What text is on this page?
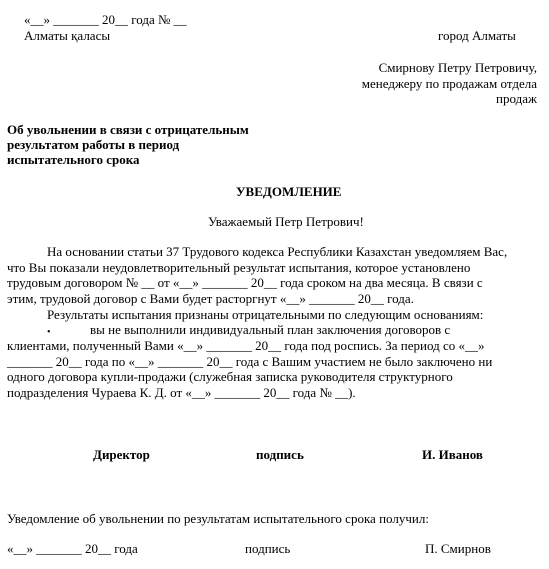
«__» _______ 20__ года № __
Алматы қаласы	город Алматы
Смирнову Петру Петровичу,
менеджеру по продажам отдела
продаж
Об увольнении в связи с отрицательным
результатом работы в период
испытательного срока
УВЕДОМЛЕНИЕ
Уважаемый Петр Петрович!
На основании статьи 37 Трудового кодекса Республики Казахстан уведомляем Вас,
что Вы показали неудовлетворительный результат испытания, которое установлено
трудовым договором № __ от «__» _______ 20__ года сроком на два месяца. В связи с
этим, трудовой договор с Вами будет расторгнут «__» _______ 20__ года.
Результаты испытания признаны отрицательными по следующим основаниям:
•	вы не выполнили индивидуальный план заключения договоров с
клиентами, полученный Вами «__» _______ 20__ года под роспись. За период со «__»
_______ 20__ года по «__» _______ 20__ года с Вашим участием не было заключено ни
одного договора купли-продажи (служебная записка руководителя структурного
подразделения Чураева К. Д. от «__» _______ 20__ года № __).
Директор	подпись	И. Иванов
Уведомление об увольнении по результатам испытательного срока получил:
«__» _______ 20__ года	подпись	П. Смирнов
